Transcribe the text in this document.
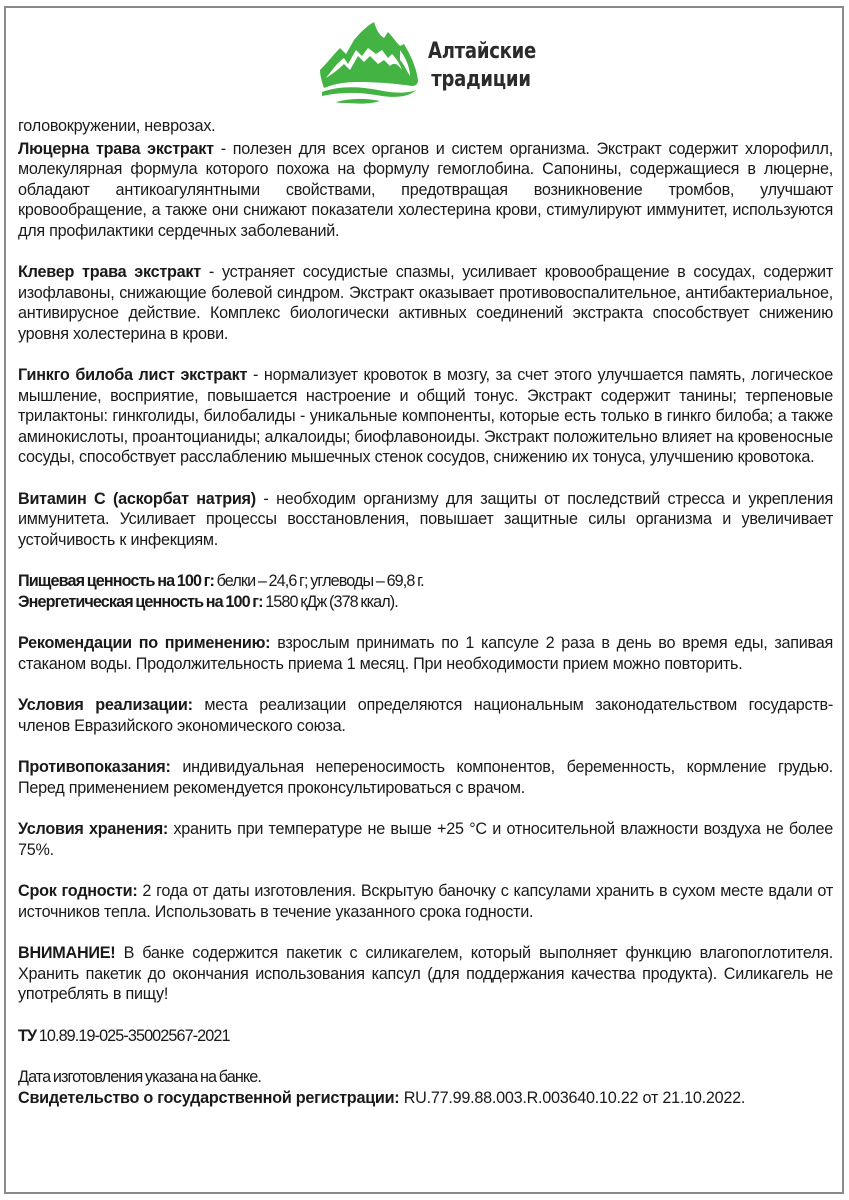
Алтайские
традиции

головокружении, неврозах.

Люцерна трава экстракт - полезен для всех органов и систем организма. Экстракт содержит хлорофилл, молекулярная формула которого похожа на формулу гемоглобина. Сапонины, содержащиеся в люцерне, обладают антикоагулянтными свойствами, предотвращая возникновение тромбов, улучшают кровообращение, а также они снижают показатели холестерина крови, стимулируют иммунитет, используются для профилактики сердечных заболеваний.

Клевер трава экстракт - устраняет сосудистые спазмы, усиливает кровообращение в сосудах, содержит изофлавоны, снижающие болевой синдром. Экстракт оказывает противовоспалительное, антибактериальное, антивирусное действие. Комплекс биологически активных соединений экстракта способствует снижению уровня холестерина в крови.

Гинкго билоба лист экстракт - нормализует кровоток в мозгу, за счет этого улучшается память, логическое мышление, восприятие, повышается настроение и общий тонус. Экстракт содержит танины; терпеновые трилактоны: гинкголиды, билобалиды - уникальные компоненты, которые есть только в гинкго билоба; а также аминокислоты, проантоцианиды; алкалоиды; биофлавоноиды. Экстракт положительно влияет на кровеносные сосуды, способствует расслаблению мышечных стенок сосудов, снижению их тонуса, улучшению кровотока.

Витамин С (аскорбат натрия) - необходим организму для защиты от последствий стресса и укрепления иммунитета. Усиливает процессы восстановления, повышает защитные силы организма и увеличивает устойчивость к инфекциям.

Пищевая ценность на 100 г: белки – 24,6 г; углеводы – 69,8 г.

Энергетическая ценность на 100 г: 1580 кДж (378 ккал).

Рекомендации по применению: взрослым принимать по 1 капсуле 2 раза в день во время еды, запивая стаканом воды. Продолжительность приема 1 месяц. При необходимости прием можно повторить.

Условия реализации: места реализации определяются национальным законодательством государств-членов Евразийского экономического союза.

Противопоказания: индивидуальная непереносимость компонентов, беременность, кормление грудью. Перед применением рекомендуется проконсультироваться с врачом.

Условия хранения: хранить при температуре не выше +25 °С и относительной влажности воздуха не более 75%.

Срок годности: 2 года от даты изготовления. Вскрытую баночку с капсулами хранить в сухом месте вдали от источников тепла. Использовать в течение указанного срока годности.

ВНИМАНИЕ! В банке содержится пакетик с силикагелем, который выполняет функцию влагопоглотителя. Хранить пакетик до окончания использования капсул (для поддержания качества продукта). Силикагель не употреблять в пищу!

ТУ 10.89.19-025-35002567-2021

Дата изготовления указана на банке.

Свидетельство о государственной регистрации: RU.77.99.88.003.R.003640.10.22 от 21.10.2022.
